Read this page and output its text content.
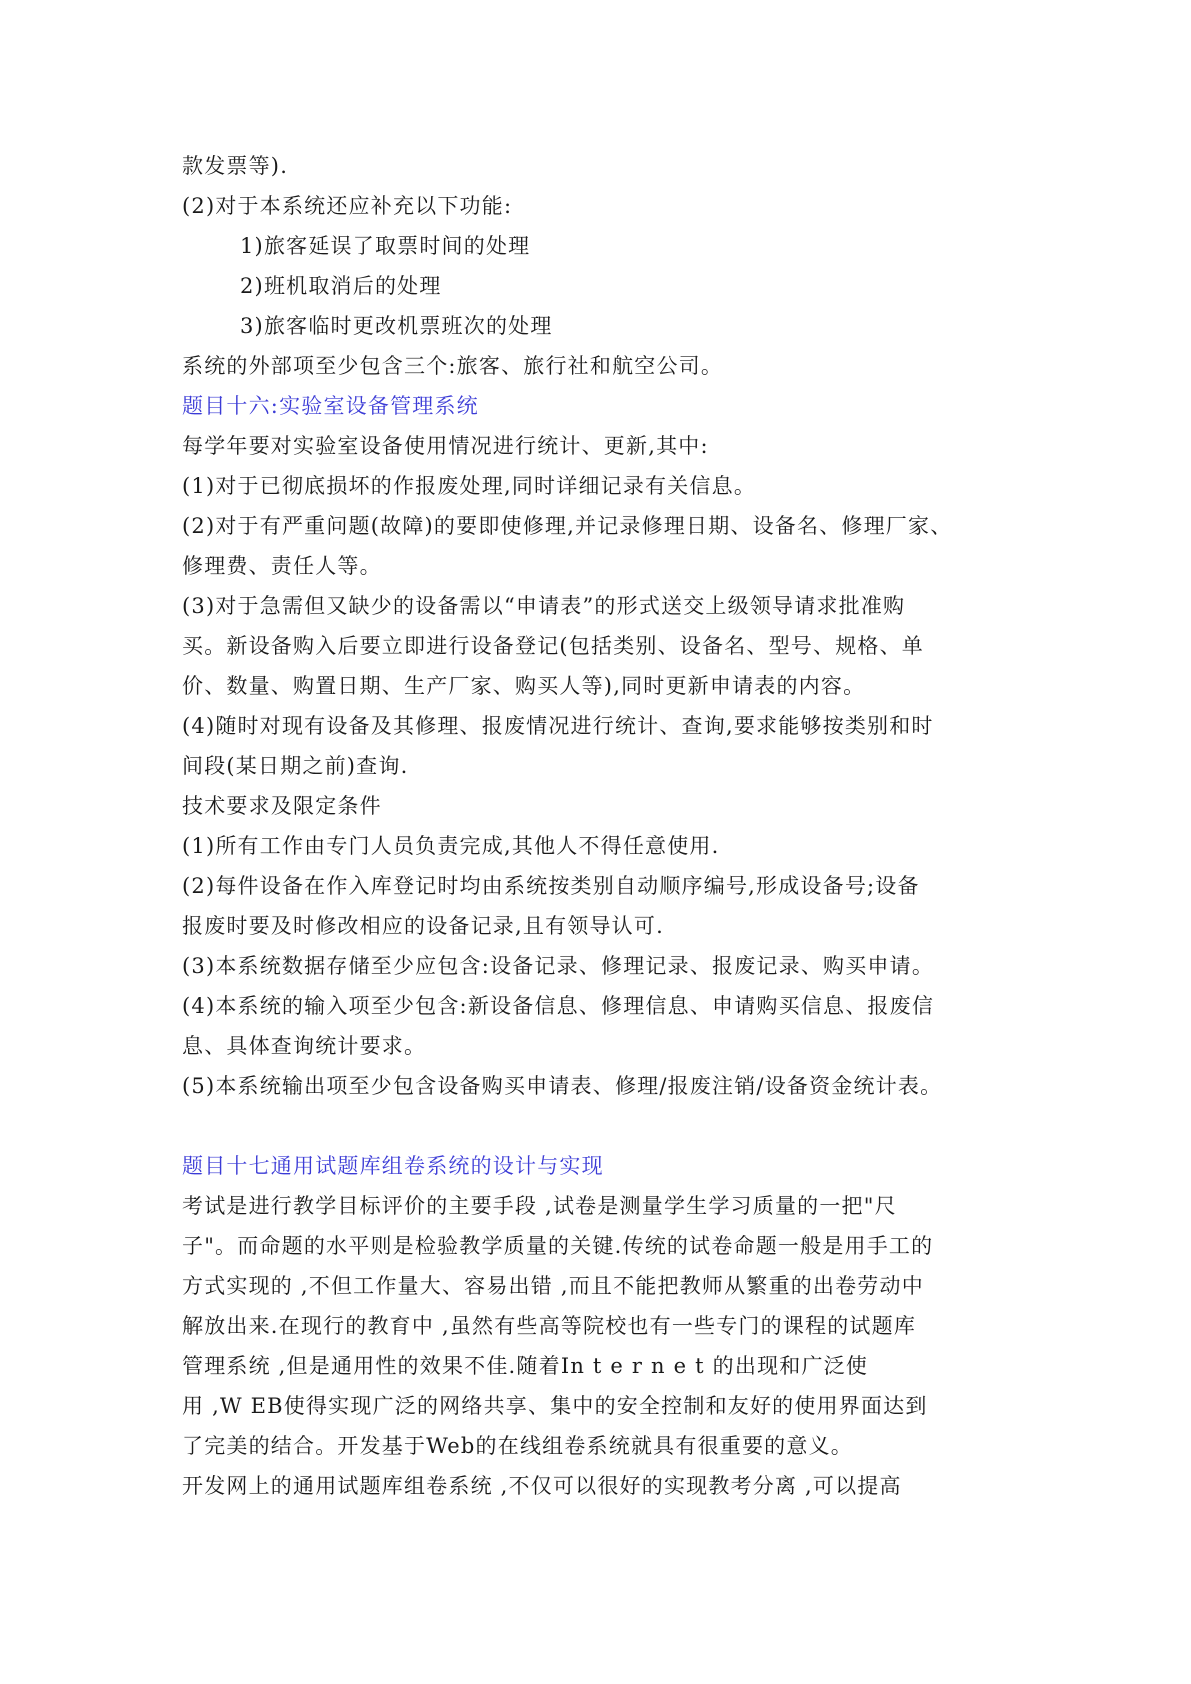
款发票等).
(2)对于本系统还应补充以下功能:
1)旅客延误了取票时间的处理
2)班机取消后的处理
3)旅客临时更改机票班次的处理
系统的外部项至少包含三个:旅客、旅行社和航空公司。
题目十六:实验室设备管理系统
每学年要对实验室设备使用情况进行统计、更新,其中:
(1)对于已彻底损坏的作报废处理,同时详细记录有关信息。
(2)对于有严重问题(故障)的要即使修理,并记录修理日期、设备名、修理厂家、
修理费、责任人等。
(3)对于急需但又缺少的设备需以“申请表”的形式送交上级领导请求批准购
买。新设备购入后要立即进行设备登记(包括类别、设备名、型号、规格、单
价、数量、购置日期、生产厂家、购买人等),同时更新申请表的内容。
(4)随时对现有设备及其修理、报废情况进行统计、查询,要求能够按类别和时
间段(某日期之前)查询.
技术要求及限定条件
(1)所有工作由专门人员负责完成,其他人不得任意使用.
(2)每件设备在作入库登记时均由系统按类别自动顺序编号,形成设备号;设备
报废时要及时修改相应的设备记录,且有领导认可.
(3)本系统数据存储至少应包含:设备记录、修理记录、报废记录、购买申请。
(4)本系统的输入项至少包含:新设备信息、修理信息、申请购买信息、报废信
息、具体查询统计要求。
(5)本系统输出项至少包含设备购买申请表、修理/报废注销/设备资金统计表。
题目十七通用试题库组卷系统的设计与实现
考试是进行教学目标评价的主要手段 ,试卷是测量学生学习质量的一把"尺
子"。而命题的水平则是检验教学质量的关键.传统的试卷命题一般是用手工的
方式实现的 ,不但工作量大、容易出错 ,而且不能把教师从繁重的出卷劳动中
解放出来.在现行的教育中 ,虽然有些高等院校也有一些专门的课程的试题库
管理系统 ,但是通用性的效果不佳.随着In t e r n e t 的出现和广泛使
用 ,W EB使得实现广泛的网络共享、集中的安全控制和友好的使用界面达到
了完美的结合。开发基于Web的在线组卷系统就具有很重要的意义。
开发网上的通用试题库组卷系统 ,不仅可以很好的实现教考分离 ,可以提高
